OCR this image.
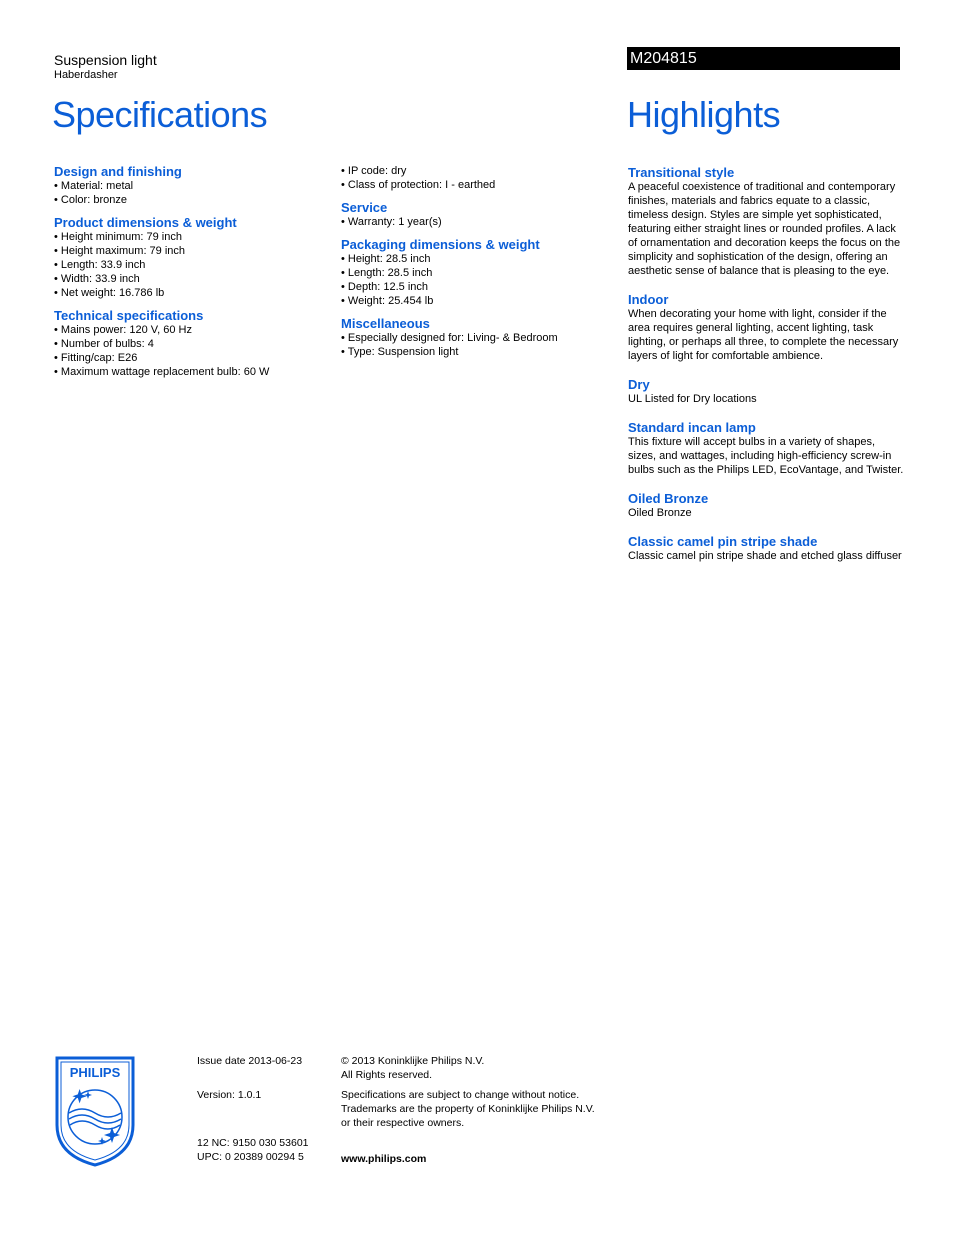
Suspension light
Haberdasher
M204815
Specifications	Highlights
Design and finishing
• Material: metal
• Color: bronze
Product dimensions & weight
• Height minimum: 79 inch
• Height maximum: 79 inch
• Length: 33.9 inch
• Width: 33.9 inch
• Net weight: 16.786 lb
Technical specifications
• Mains power: 120 V, 60 Hz
• Number of bulbs: 4
• Fitting/cap: E26
• Maximum wattage replacement bulb: 60 W
• IP code: dry
• Class of protection: I - earthed
Service
• Warranty: 1 year(s)
Packaging dimensions & weight
• Height: 28.5 inch
• Length: 28.5 inch
• Depth: 12.5 inch
• Weight: 25.454 lb
Miscellaneous
• Especially designed for: Living- & Bedroom
• Type: Suspension light
Transitional style
A peaceful coexistence of traditional and contemporary finishes, materials and fabrics equate to a classic, timeless design. Styles are simple yet sophisticated, featuring either straight lines or rounded profiles. A lack of ornamentation and decoration keeps the focus on the simplicity and sophistication of the design, offering an aesthetic sense of balance that is pleasing to the eye.
Indoor
When decorating your home with light, consider if the area requires general lighting, accent lighting, task lighting, or perhaps all three, to complete the necessary layers of light for comfortable ambience.
Dry
UL Listed for Dry locations
Standard incan lamp
This fixture will accept bulbs in a variety of shapes, sizes, and wattages, including high-efficiency screw-in bulbs such as the Philips LED, EcoVantage, and Twister.
Oiled Bronze
Oiled Bronze
Classic camel pin stripe shade
Classic camel pin stripe shade and etched glass diffuser
PHILIPS
Issue date 2013-06-23
Version: 1.0.1
12 NC: 9150 030 53601
UPC: 0 20389 00294 5
© 2013 Koninklijke Philips N.V.
All Rights reserved.
Specifications are subject to change without notice.
Trademarks are the property of Koninklijke Philips N.V.
or their respective owners.
www.philips.com
